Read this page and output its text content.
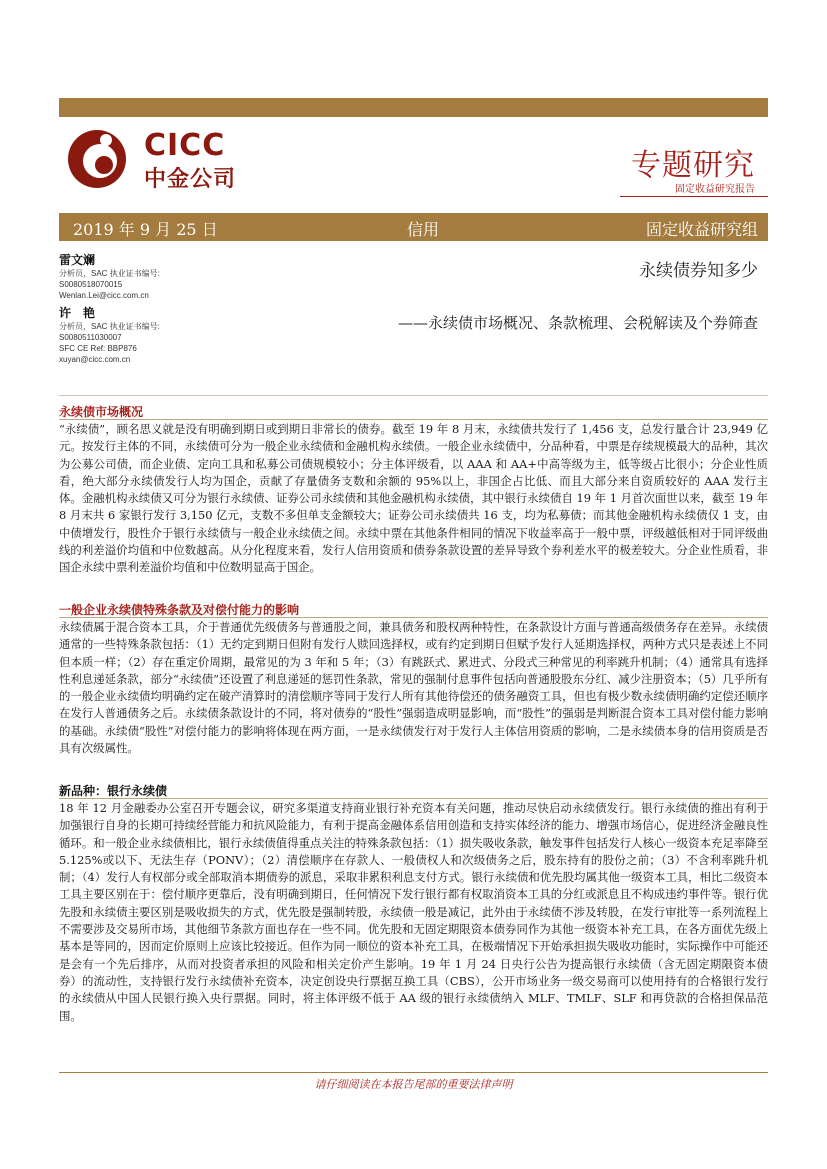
CICC
中金公司	专题研究
固定收益研究报告
2019 年 9 月 25 日	信用	固定收益研究组
雷文斓
分析员，SAC 执业证书编号:
S0080518070015
Wenlan.Lei@cicc.com.cn
许　艳
分析员，SAC 执业证书编号:
S0080511030007
SFC CE Ref: BBP876
xuyan@cicc.com.cn
永续债券知多少
——永续债市场概况、条款梳理、会税解读及个券筛查
永续债市场概况

“永续债”，顾名思义就是没有明确到期日或到期日非常长的债券。截至 19 年 8 月末，永续债共发行了 1,456 支，总发行量合计 23,949 亿元。按发行主体的不同，永续债可分为一般企业永续债和金融机构永续债。一般企业永续债中，分品种看，中票是存续规模最大的品种，其次为公募公司债，而企业债、定向工具和私募公司债规模较小；分主体评级看，以 AAA 和 AA+中高等级为主，低等级占比很小；分企业性质看，绝大部分永续债发行人均为国企，贡献了存量债务支数和余额的 95%以上，非国企占比低、而且大部分来自资质较好的 AAA 发行主体。金融机构永续债又可分为银行永续债、证券公司永续债和其他金融机构永续债，其中银行永续债自 19 年 1 月首次面世以来，截至 19 年 8 月末共 6 家银行发行 3,150 亿元，支数不多但单支金额较大；证券公司永续债共 16 支，均为私募债；而其他金融机构永续债仅 1 支，由中债增发行，股性介于银行永续债与一般企业永续债之间。永续中票在其他条件相同的情况下收益率高于一般中票，评级越低相对于同评级曲线的利差溢价均值和中位数越高。从分化程度来看，发行人信用资质和债券条款设置的差异导致个券利差水平的极差较大。分企业性质看，非国企永续中票利差溢价均值和中位数明显高于国企。

一般企业永续债特殊条款及对偿付能力的影响

永续债属于混合资本工具，介于普通优先级债务与普通股之间，兼具债务和股权两种特性，在条款设计方面与普通高级债务存在差异。永续债通常的一些特殊条款包括：（1）无约定到期日但附有发行人赎回选择权，或有约定到期日但赋予发行人延期选择权，两种方式只是表述上不同但本质一样；（2）存在重定价周期，最常见的为 3 年和 5 年；（3）有跳跃式、累进式、分段式三种常见的利率跳升机制；（4）通常具有选择性利息递延条款，部分“永续债”还设置了利息递延的惩罚性条款，常见的强制付息事件包括向普通股股东分红、减少注册资本；（5）几乎所有的一般企业永续债均明确约定在破产清算时的清偿顺序等同于发行人所有其他待偿还的债务融资工具，但也有极少数永续债明确约定偿还顺序在发行人普通债务之后。永续债条款设计的不同，将对债券的“股性”强弱造成明显影响，而“股性”的强弱是判断混合资本工具对偿付能力影响的基础。永续债“股性”对偿付能力的影响将体现在两方面，一是永续债发行对于发行人主体信用资质的影响，二是永续债本身的信用资质是否具有次级属性。

新品种：银行永续债

18 年 12 月金融委办公室召开专题会议，研究多渠道支持商业银行补充资本有关问题，推动尽快启动永续债发行。银行永续债的推出有利于加强银行自身的长期可持续经营能力和抗风险能力，有利于提高金融体系信用创造和支持实体经济的能力、增强市场信心，促进经济金融良性循环。和一般企业永续债相比，银行永续债值得重点关注的特殊条款包括：（1）损失吸收条款，触发事件包括发行人核心一级资本充足率降至 5.125%或以下、无法生存（PONV）；（2）清偿顺序在存款人、一般债权人和次级债务之后，股东持有的股份之前；（3）不含利率跳升机制；（4）发行人有权部分或全部取消本期债券的派息，采取非累积利息支付方式。银行永续债和优先股均属其他一级资本工具，相比二级资本工具主要区别在于：偿付顺序更靠后，没有明确到期日，任何情况下发行银行都有权取消资本工具的分红或派息且不构成违约事件等。银行优先股和永续债主要区别是吸收损失的方式，优先股是强制转股，永续债一般是减记，此外由于永续债不涉及转股，在发行审批等一系列流程上不需要涉及交易所市场，其他细节条款方面也存在一些不同。优先股和无固定期限资本债券同作为其他一级资本补充工具，在各方面优先级上基本是等同的，因而定价原则上应该比较接近。但作为同一顺位的资本补充工具，在极端情况下开始承担损失吸收功能时，实际操作中可能还是会有一个先后排序，从而对投资者承担的风险和相关定价产生影响。19 年 1 月 24 日央行公告为提高银行永续债（含无固定期限资本债券）的流动性，支持银行发行永续债补充资本，决定创设央行票据互换工具（CBS），公开市场业务一级交易商可以使用持有的合格银行发行的永续债从中国人民银行换入央行票据。同时，将主体评级不低于 AA 级的银行永续债纳入 MLF、TMLF、SLF 和再贷款的合格担保品范围。

请仔细阅读在本报告尾部的重要法律声明
